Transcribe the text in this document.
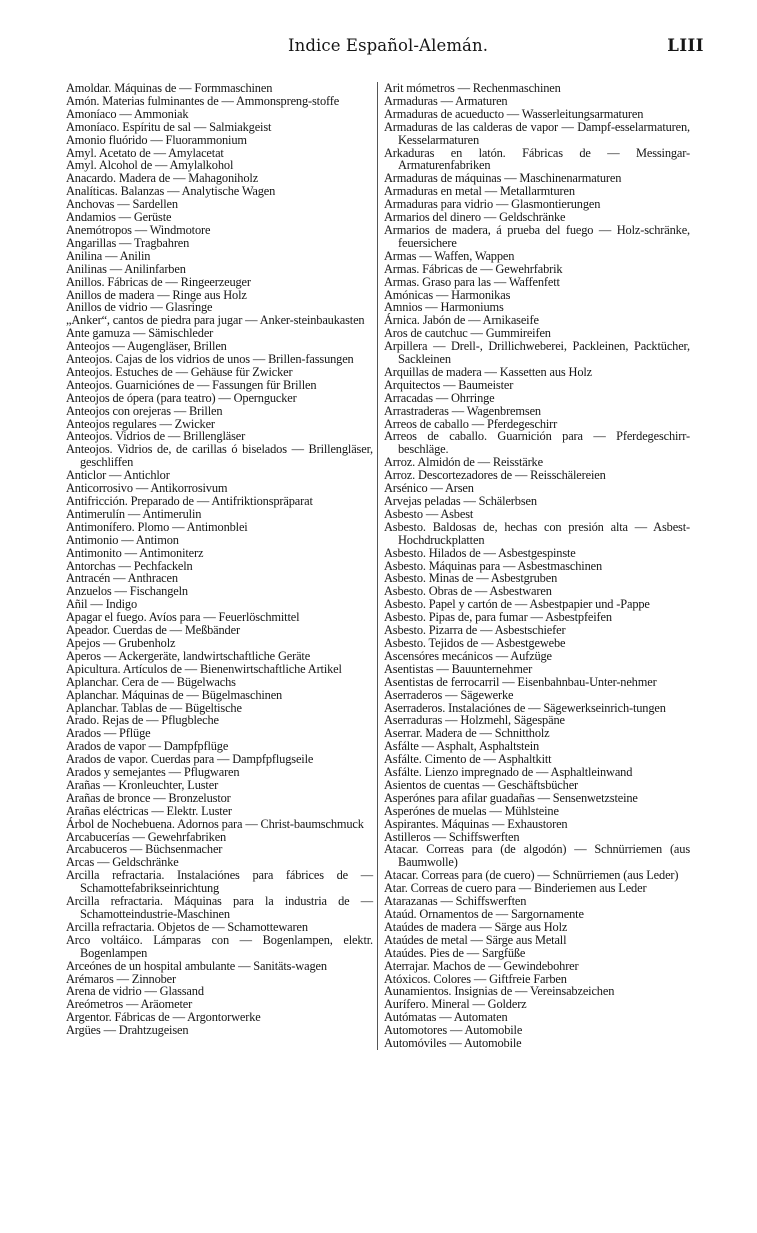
Indice Español-Alemán.	LIII

Amoldar. Máquinas de — Formmaschinen

Amón. Materias fulminantes de — Ammonspreng-stoffe

Amoníaco — Ammoniak

Amoníaco. Espíritu de sal — Salmiakgeist

Amonio fluórido — Fluorammonium

Amyl. Acetato de — Amylacetat

Amyl. Alcohol de — Amylalkohol

Anacardo. Madera de — Mahagoniholz

Analíticas. Balanzas — Analytische Wagen

Anchovas — Sardellen

Andamios — Gerüste

Anemótropos — Windmotore

Angarillas — Tragbahren

Anilina — Anilin

Anilinas — Anilinfarben

Anillos. Fábricas de — Ringeerzeuger

Anillos de madera — Ringe aus Holz

Anillos de vidrio — Glasringe

„Anker“, cantos de piedra para jugar — Anker-steinbaukasten

Ante gamuza — Sämischleder

Anteojos — Augengläser, Brillen

Anteojos. Cajas de los vidrios de unos — Brillen-fassungen

Anteojos. Estuches de — Gehäuse für Zwicker

Anteojos. Guarniciónes de — Fassungen für Brillen

Anteojos de ópera (para teatro) — Operngucker

Anteojos con orejeras — Brillen

Anteojos regulares — Zwicker

Anteojos. Vidrios de — Brillengläser

Anteojos. Vidrios de, de carillas ó biselados — Brillengläser, geschliffen

Anticlor — Antichlor

Anticorrosivo — Antikorrosivum

Antifricción. Preparado de — Antifriktionspräparat

Antimerulín — Antimerulin

Antimonífero. Plomo — Antimonblei

Antimonio — Antimon

Antimonito — Antimoniterz

Antorchas — Pechfackeln

Antracén — Anthracen

Anzuelos — Fischangeln

Añil — Indigo

Apagar el fuego. Avíos para — Feuerlöschmittel

Apeador. Cuerdas de — Meßbänder

Apejos — Grubenholz

Aperos — Ackergeräte, landwirtschaftliche Geräte

Apicultura. Artículos de — Bienenwirtschaftliche Artikel

Aplanchar. Cera de — Bügelwachs

Aplanchar. Máquinas de — Bügelmaschinen

Aplanchar. Tablas de — Bügeltische

Arado. Rejas de — Pflugbleche

Arados — Pflüge

Arados de vapor — Dampfpflüge

Arados de vapor. Cuerdas para — Dampfpflugseile

Arados y semejantes — Pflugwaren

Arañas — Kronleuchter, Luster

Arañas de bronce — Bronzelustor

Arañas eléctricas — Elektr. Luster

Árbol de Nochebuena. Adornos para — Christ-baumschmuck

Arcabucerías — Gewehrfabriken

Arcabuceros — Büchsenmacher

Arcas — Geldschränke

Arcilla refractaria. Instalaciónes para fábrices de — Schamottefabrikseinrichtung

Arcilla refractaria. Máquinas para la industria de — Schamotteindustrie-Maschinen

Arcilla refractaria. Objetos de — Schamottewaren

Arco voltáico. Lámparas con — Bogenlampen, elektr. Bogenlampen

Arceónes de un hospital ambulante — Sanitäts-wagen

Arémaros — Zinnober

Arena de vidrio — Glassand

Areómetros — Aräometer

Argentor. Fábricas de — Argontorwerke

Argües — Drahtzugeisen

Arit mómetros — Rechenmaschinen

Armaduras — Armaturen

Armaduras de acueducto — Wasserleitungsarmaturen

Armaduras de las calderas de vapor — Dampf-esselarmaturen, Kesselarmaturen

Arkaduras en latón. Fábricas de — Messingar-Armaturenfabriken

Armaduras de máquinas — Maschinenarmaturen

Armaduras en metal — Metallarmturen

Armaduras para vidrio — Glasmontierungen

Armarios del dinero — Geldschränke

Armarios de madera, á prueba del fuego — Holz-schränke, feuersichere

Armas — Waffen, Wappen

Armas. Fábricas de — Gewehrfabrik

Armas. Graso para las — Waffenfett

Amónicas — Harmonikas

Amnios — Harmoniums

Árnica. Jabón de — Arnikaseife

Aros de cautchuc — Gummireifen

Arpillera — Drell-, Drillichweberei, Packleinen, Packtücher, Sackleinen

Arquillas de madera — Kassetten aus Holz

Arquitectos — Baumeister

Arracadas — Ohrringe

Arrastraderas — Wagenbremsen

Arreos de caballo — Pferdegeschirr

Arreos de caballo. Guarnición para — Pferdegeschirr-beschläge.

Arroz. Almidón de — Reisstärke

Arroz. Descortezadores de — Reisschälereien

Arsénico — Arsen

Arvejas peladas — Schälerbsen

Asbesto — Asbest

Asbesto. Baldosas de, hechas con presión alta — Asbest-Hochdruckplatten

Asbesto. Hilados de — Asbestgespinste

Asbesto. Máquinas para — Asbestmaschinen

Asbesto. Minas de — Asbestgruben

Asbesto. Obras de — Asbestwaren

Asbesto. Papel y cartón de — Asbestpapier und -Pappe

Asbesto. Pipas de, para fumar — Asbestpfeifen

Asbesto. Pizarra de — Asbestschiefer

Asbesto. Tejidos de — Asbestgewebe

Ascensóres mecánicos — Aufzüge

Asentistas — Bauunternehmer

Asentistas de ferrocarril — Eisenbahnbau-Unter-nehmer

Aserraderos — Sägewerke

Aserraderos. Instalaciónes de — Sägewerkseinrich-tungen

Aserraduras — Holzmehl, Sägespäne

Aserrar. Madera de — Schnittholz

Asfálte — Asphalt, Asphaltstein

Asfálte. Cimento de — Asphaltkitt

Asfálte. Lienzo impregnado de — Asphaltleinwand

Asientos de cuentas — Geschäftsbücher

Asperónes para afilar guadañas — Sensenwetzsteine

Asperónes de muelas — Mühlsteine

Aspirantes. Máquinas — Exhaustoren

Astilleros — Schiffswerften

Atacar. Correas para (de algodón) — Schnürriemen (aus Baumwolle)

Atacar. Correas para (de cuero) — Schnürriemen (aus Leder)

Atar. Correas de cuero para — Binderiemen aus Leder

Atarazanas — Schiffswerften

Ataúd. Ornamentos de — Sargornamente

Ataúdes de madera — Särge aus Holz

Ataúdes de metal — Särge aus Metall

Ataúdes. Pies de — Sargfüße

Aterrajar. Machos de — Gewindebohrer

Atóxicos. Colores — Giftfreie Farben

Aunamientos. Insignias de — Vereinsabzeichen

Aurífero. Mineral — Golderz

Autómatas — Automaten

Automotores — Automobile

Automóviles — Automobile
